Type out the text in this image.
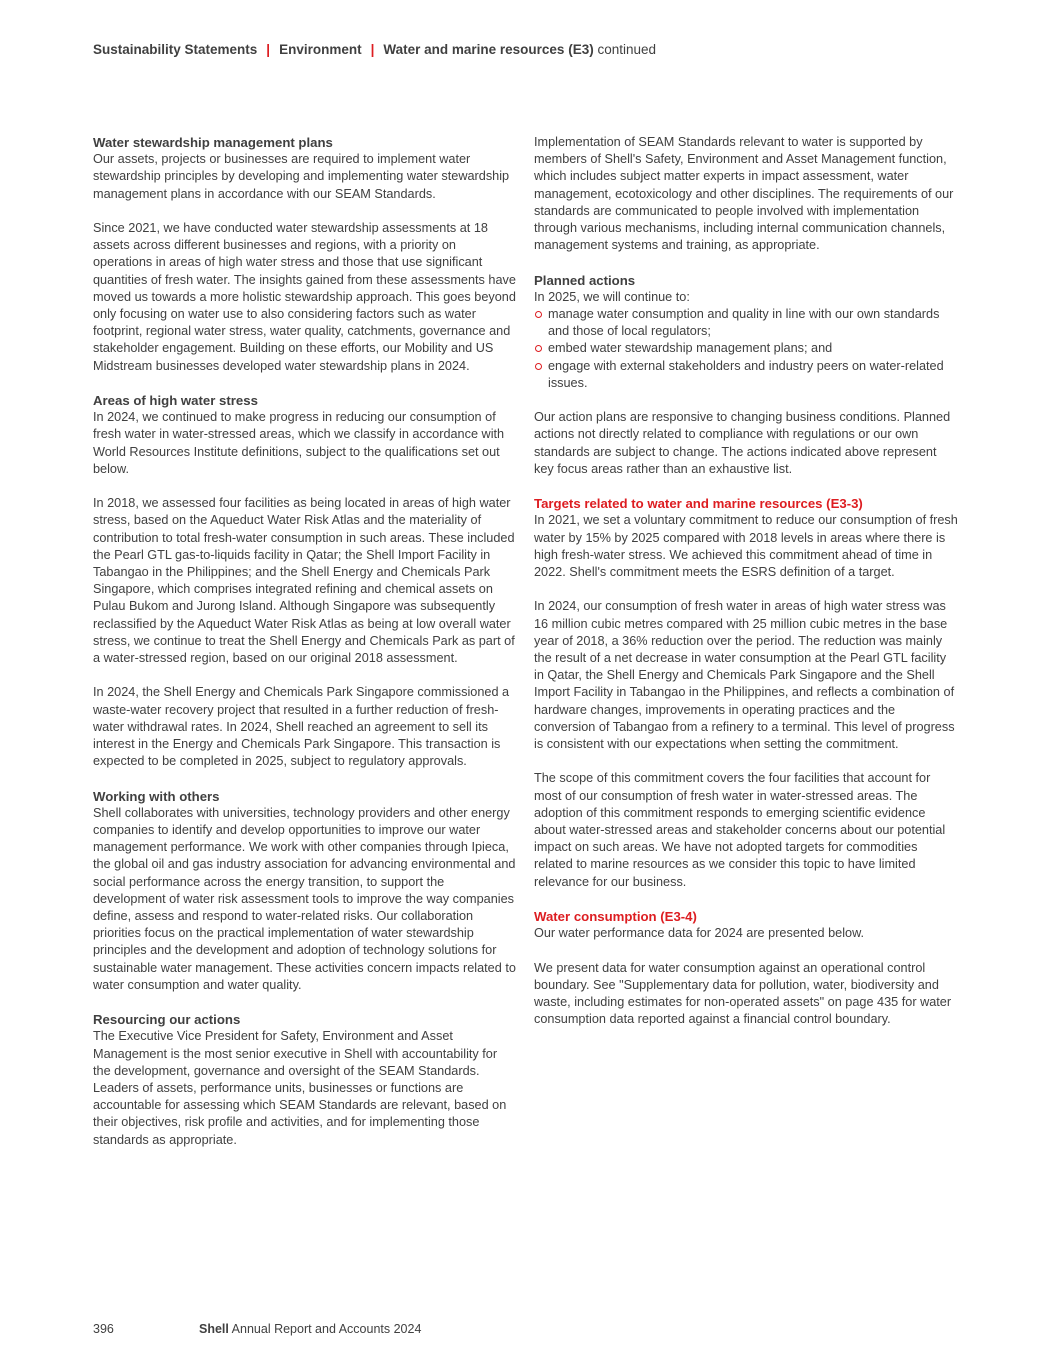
Sustainability Statements | Environment | Water and marine resources (E3) continued
Water stewardship management plans

Our assets, projects or businesses are required to implement water stewardship principles by developing and implementing water stewardship management plans in accordance with our SEAM Standards.

Since 2021, we have conducted water stewardship assessments at 18 assets across different businesses and regions, with a priority on operations in areas of high water stress and those that use significant quantities of fresh water. The insights gained from these assessments have moved us towards a more holistic stewardship approach. This goes beyond only focusing on water use to also considering factors such as water footprint, regional water stress, water quality, catchments, governance and stakeholder engagement. Building on these efforts, our Mobility and US Midstream businesses developed water stewardship plans in 2024.

Areas of high water stress

In 2024, we continued to make progress in reducing our consumption of fresh water in water-stressed areas, which we classify in accordance with World Resources Institute definitions, subject to the qualifications set out below.

In 2018, we assessed four facilities as being located in areas of high water stress, based on the Aqueduct Water Risk Atlas and the materiality of contribution to total fresh-water consumption in such areas. These included the Pearl GTL gas-to-liquids facility in Qatar; the Shell Import Facility in Tabangao in the Philippines; and the Shell Energy and Chemicals Park Singapore, which comprises integrated refining and chemical assets on Pulau Bukom and Jurong Island. Although Singapore was subsequently reclassified by the Aqueduct Water Risk Atlas as being at low overall water stress, we continue to treat the Shell Energy and Chemicals Park as part of a water-stressed region, based on our original 2018 assessment.

In 2024, the Shell Energy and Chemicals Park Singapore commissioned a waste-water recovery project that resulted in a further reduction of fresh-water withdrawal rates. In 2024, Shell reached an agreement to sell its interest in the Energy and Chemicals Park Singapore. This transaction is expected to be completed in 2025, subject to regulatory approvals.

Working with others

Shell collaborates with universities, technology providers and other energy companies to identify and develop opportunities to improve our water management performance. We work with other companies through Ipieca, the global oil and gas industry association for advancing environmental and social performance across the energy transition, to support the development of water risk assessment tools to improve the way companies define, assess and respond to water-related risks. Our collaboration priorities focus on the practical implementation of water stewardship principles and the development and adoption of technology solutions for sustainable water management. These activities concern impacts related to water consumption and water quality.

Resourcing our actions

The Executive Vice President for Safety, Environment and Asset Management is the most senior executive in Shell with accountability for the development, governance and oversight of the SEAM Standards. Leaders of assets, performance units, businesses or functions are accountable for assessing which SEAM Standards are relevant, based on their objectives, risk profile and activities, and for implementing those standards as appropriate.

Implementation of SEAM Standards relevant to water is supported by members of Shell's Safety, Environment and Asset Management function, which includes subject matter experts in impact assessment, water management, ecotoxicology and other disciplines. The requirements of our standards are communicated to people involved with implementation through various mechanisms, including internal communication channels, management systems and training, as appropriate.

Planned actions

In 2025, we will continue to:

manage water consumption and quality in line with our own standards and those of local regulators;
embed water stewardship management plans; and
engage with external stakeholders and industry peers on water-related issues.

Our action plans are responsive to changing business conditions. Planned actions not directly related to compliance with regulations or our own standards are subject to change. The actions indicated above represent key focus areas rather than an exhaustive list.

Targets related to water and marine resources (E3-3)

In 2021, we set a voluntary commitment to reduce our consumption of fresh water by 15% by 2025 compared with 2018 levels in areas where there is high fresh-water stress. We achieved this commitment ahead of time in 2022. Shell's commitment meets the ESRS definition of a target.

In 2024, our consumption of fresh water in areas of high water stress was 16 million cubic metres compared with 25 million cubic metres in the base year of 2018, a 36% reduction over the period. The reduction was mainly the result of a net decrease in water consumption at the Pearl GTL facility in Qatar, the Shell Energy and Chemicals Park Singapore and the Shell Import Facility in Tabangao in the Philippines, and reflects a combination of hardware changes, improvements in operating practices and the conversion of Tabangao from a refinery to a terminal. This level of progress is consistent with our expectations when setting the commitment.

The scope of this commitment covers the four facilities that account for most of our consumption of fresh water in water-stressed areas. The adoption of this commitment responds to emerging scientific evidence about water-stressed areas and stakeholder concerns about our potential impact on such areas. We have not adopted targets for commodities related to marine resources as we consider this topic to have limited relevance for our business.

Water consumption (E3-4)

Our water performance data for 2024 are presented below.

We present data for water consumption against an operational control boundary. See "Supplementary data for pollution, water, biodiversity and waste, including estimates for non-operated assets" on page 435 for water consumption data reported against a financial control boundary.

396	Shell Annual Report and Accounts 2024
